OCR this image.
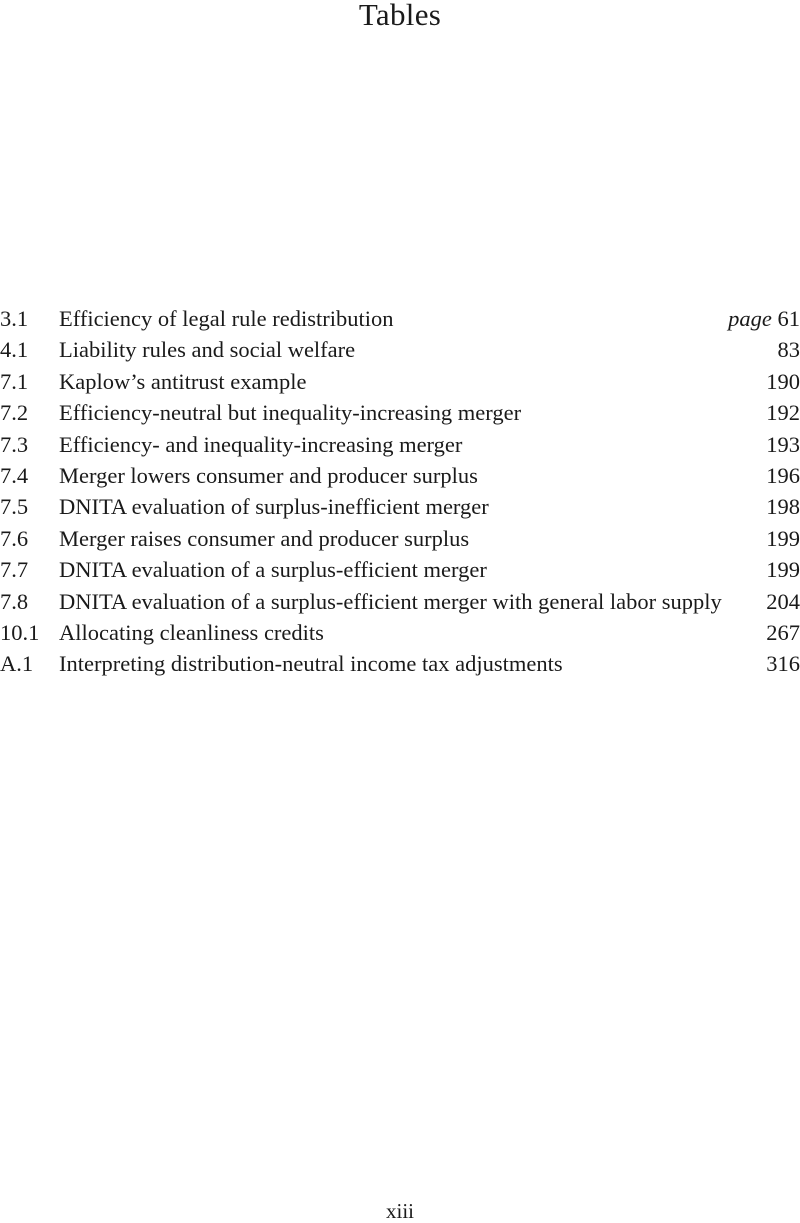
Tables
3.1	Efficiency of legal rule redistribution	page 61
4.1	Liability rules and social welfare	83
7.1	Kaplow’s antitrust example	190
7.2	Efficiency-neutral but inequality-increasing merger	192
7.3	Efficiency- and inequality-increasing merger	193
7.4	Merger lowers consumer and producer surplus	196
7.5	DNITA evaluation of surplus-inefficient merger	198
7.6	Merger raises consumer and producer surplus	199
7.7	DNITA evaluation of a surplus-efficient merger	199
7.8	DNITA evaluation of a surplus-efficient merger with general labor supply	204
10.1 Allocating cleanliness credits	267
A.1	Interpreting distribution-neutral income tax adjustments	316
xiii
